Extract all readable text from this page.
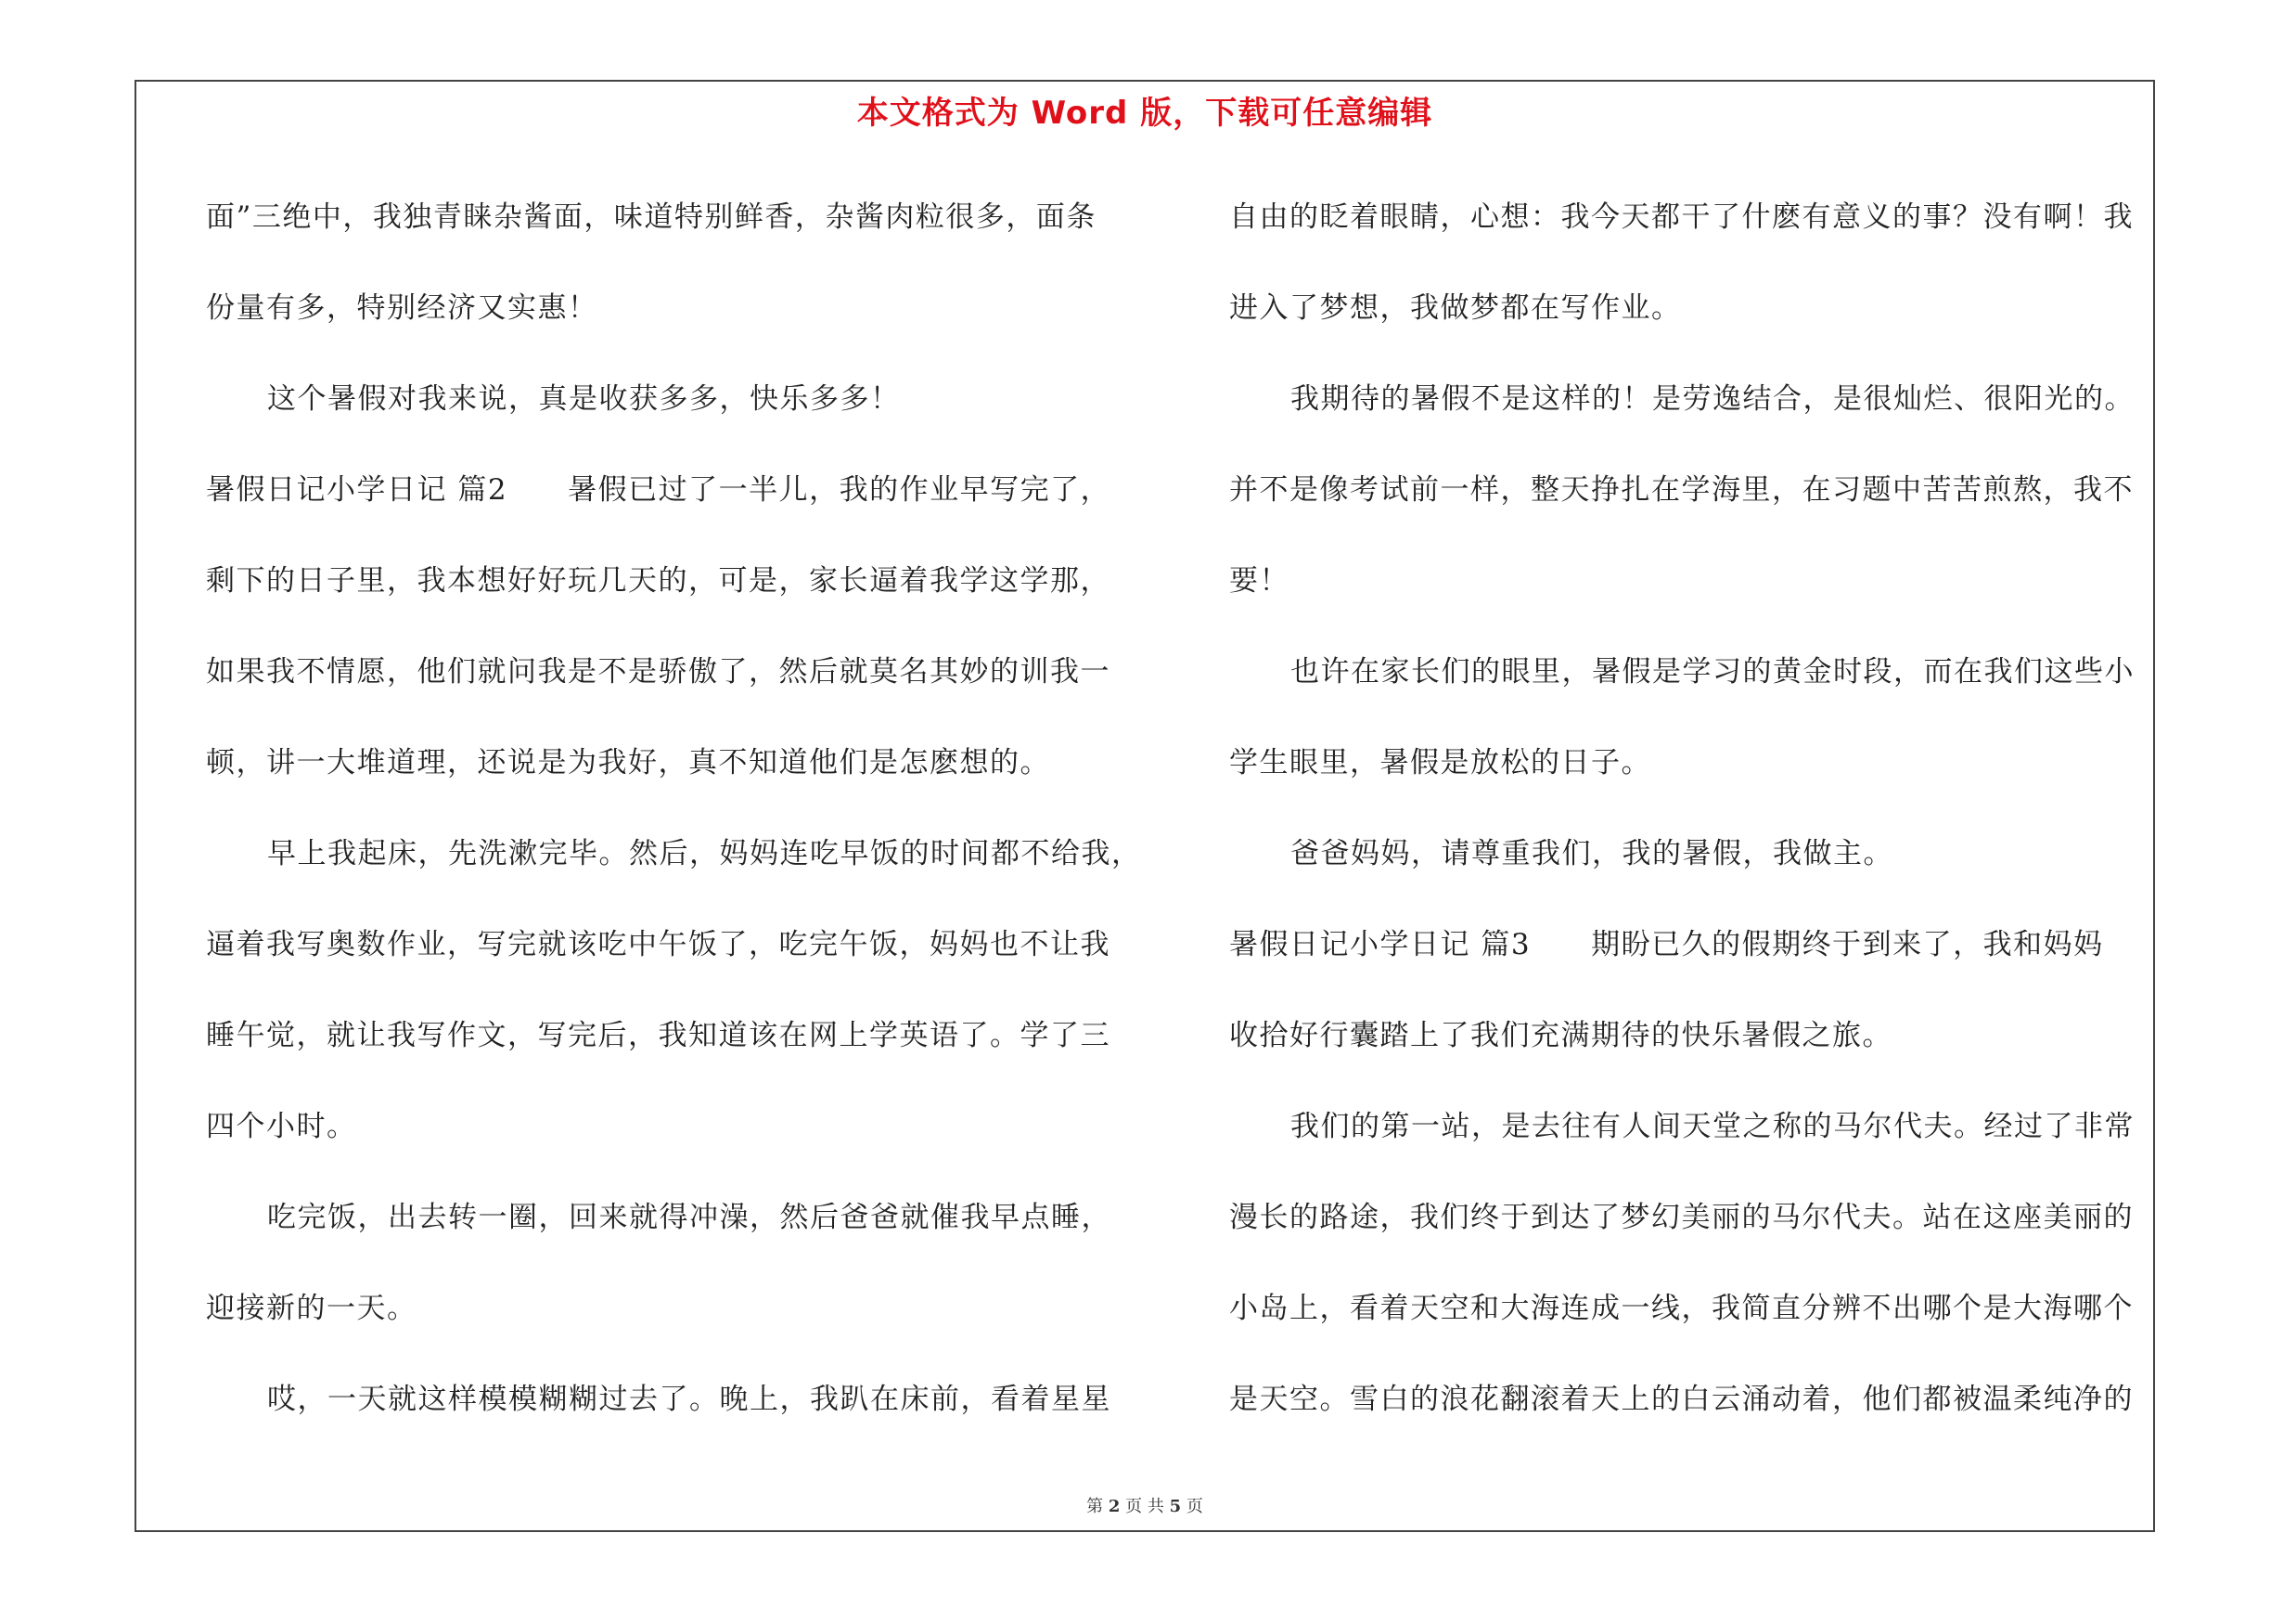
本文格式为 Word 版，下载可任意编辑
面”三绝中，我独青睐杂酱面，味道特别鲜香，杂酱肉粒很多，面条
份量有多，特别经济又实惠！
这个暑假对我来说，真是收获多多，快乐多多！
暑假日记小学日记 篇2　　暑假已过了一半儿，我的作业早写完了，
剩下的日子里，我本想好好玩几天的，可是，家长逼着我学这学那，
如果我不情愿，他们就问我是不是骄傲了，然后就莫名其妙的训我一
顿，讲一大堆道理，还说是为我好，真不知道他们是怎麽想的。
早上我起床，先洗漱完毕。然后，妈妈连吃早饭的时间都不给我，
逼着我写奥数作业，写完就该吃中午饭了，吃完午饭，妈妈也不让我
睡午觉，就让我写作文，写完后，我知道该在网上学英语了。学了三
四个小时。
吃完饭，出去转一圈，回来就得冲澡，然后爸爸就催我早点睡，
迎接新的一天。
哎，一天就这样模模糊糊过去了。晚上，我趴在床前，看着星星
自由的眨着眼睛，心想：我今天都干了什麽有意义的事？没有啊！我
进入了梦想，我做梦都在写作业。
我期待的暑假不是这样的！是劳逸结合，是很灿烂、很阳光的。
并不是像考试前一样，整天挣扎在学海里，在习题中苦苦煎熬，我不
要！
也许在家长们的眼里，暑假是学习的黄金时段，而在我们这些小
学生眼里，暑假是放松的日子。
爸爸妈妈，请尊重我们，我的暑假，我做主。
暑假日记小学日记 篇3　　期盼已久的假期终于到来了，我和妈妈
收拾好行囊踏上了我们充满期待的快乐暑假之旅。
我们的第一站，是去往有人间天堂之称的马尔代夫。经过了非常
漫长的路途，我们终于到达了梦幻美丽的马尔代夫。站在这座美丽的
小岛上，看着天空和大海连成一线，我简直分辨不出哪个是大海哪个
是天空。雪白的浪花翻滚着天上的白云涌动着，他们都被温柔纯净的
第 2 页 共 5 页
